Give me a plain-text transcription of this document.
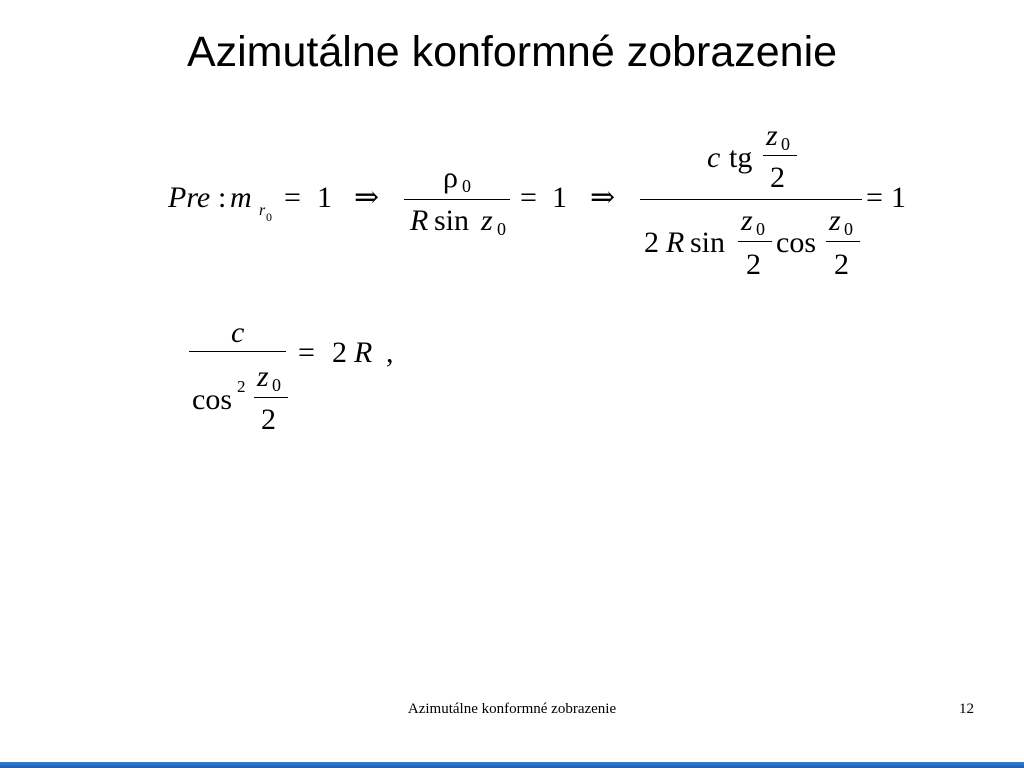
Azimutálne konformné zobrazenie
Pre : m r 0
= 1 ⇒
ρ 0
R sin z 0
= 1 ⇒
c tg
z 0
2
2 R sin
z 0
2
cos
z 0
2
= 1
c
cos 2 z 0
2
= 2 R ,
Azimutálne konformné zobrazenie	12
